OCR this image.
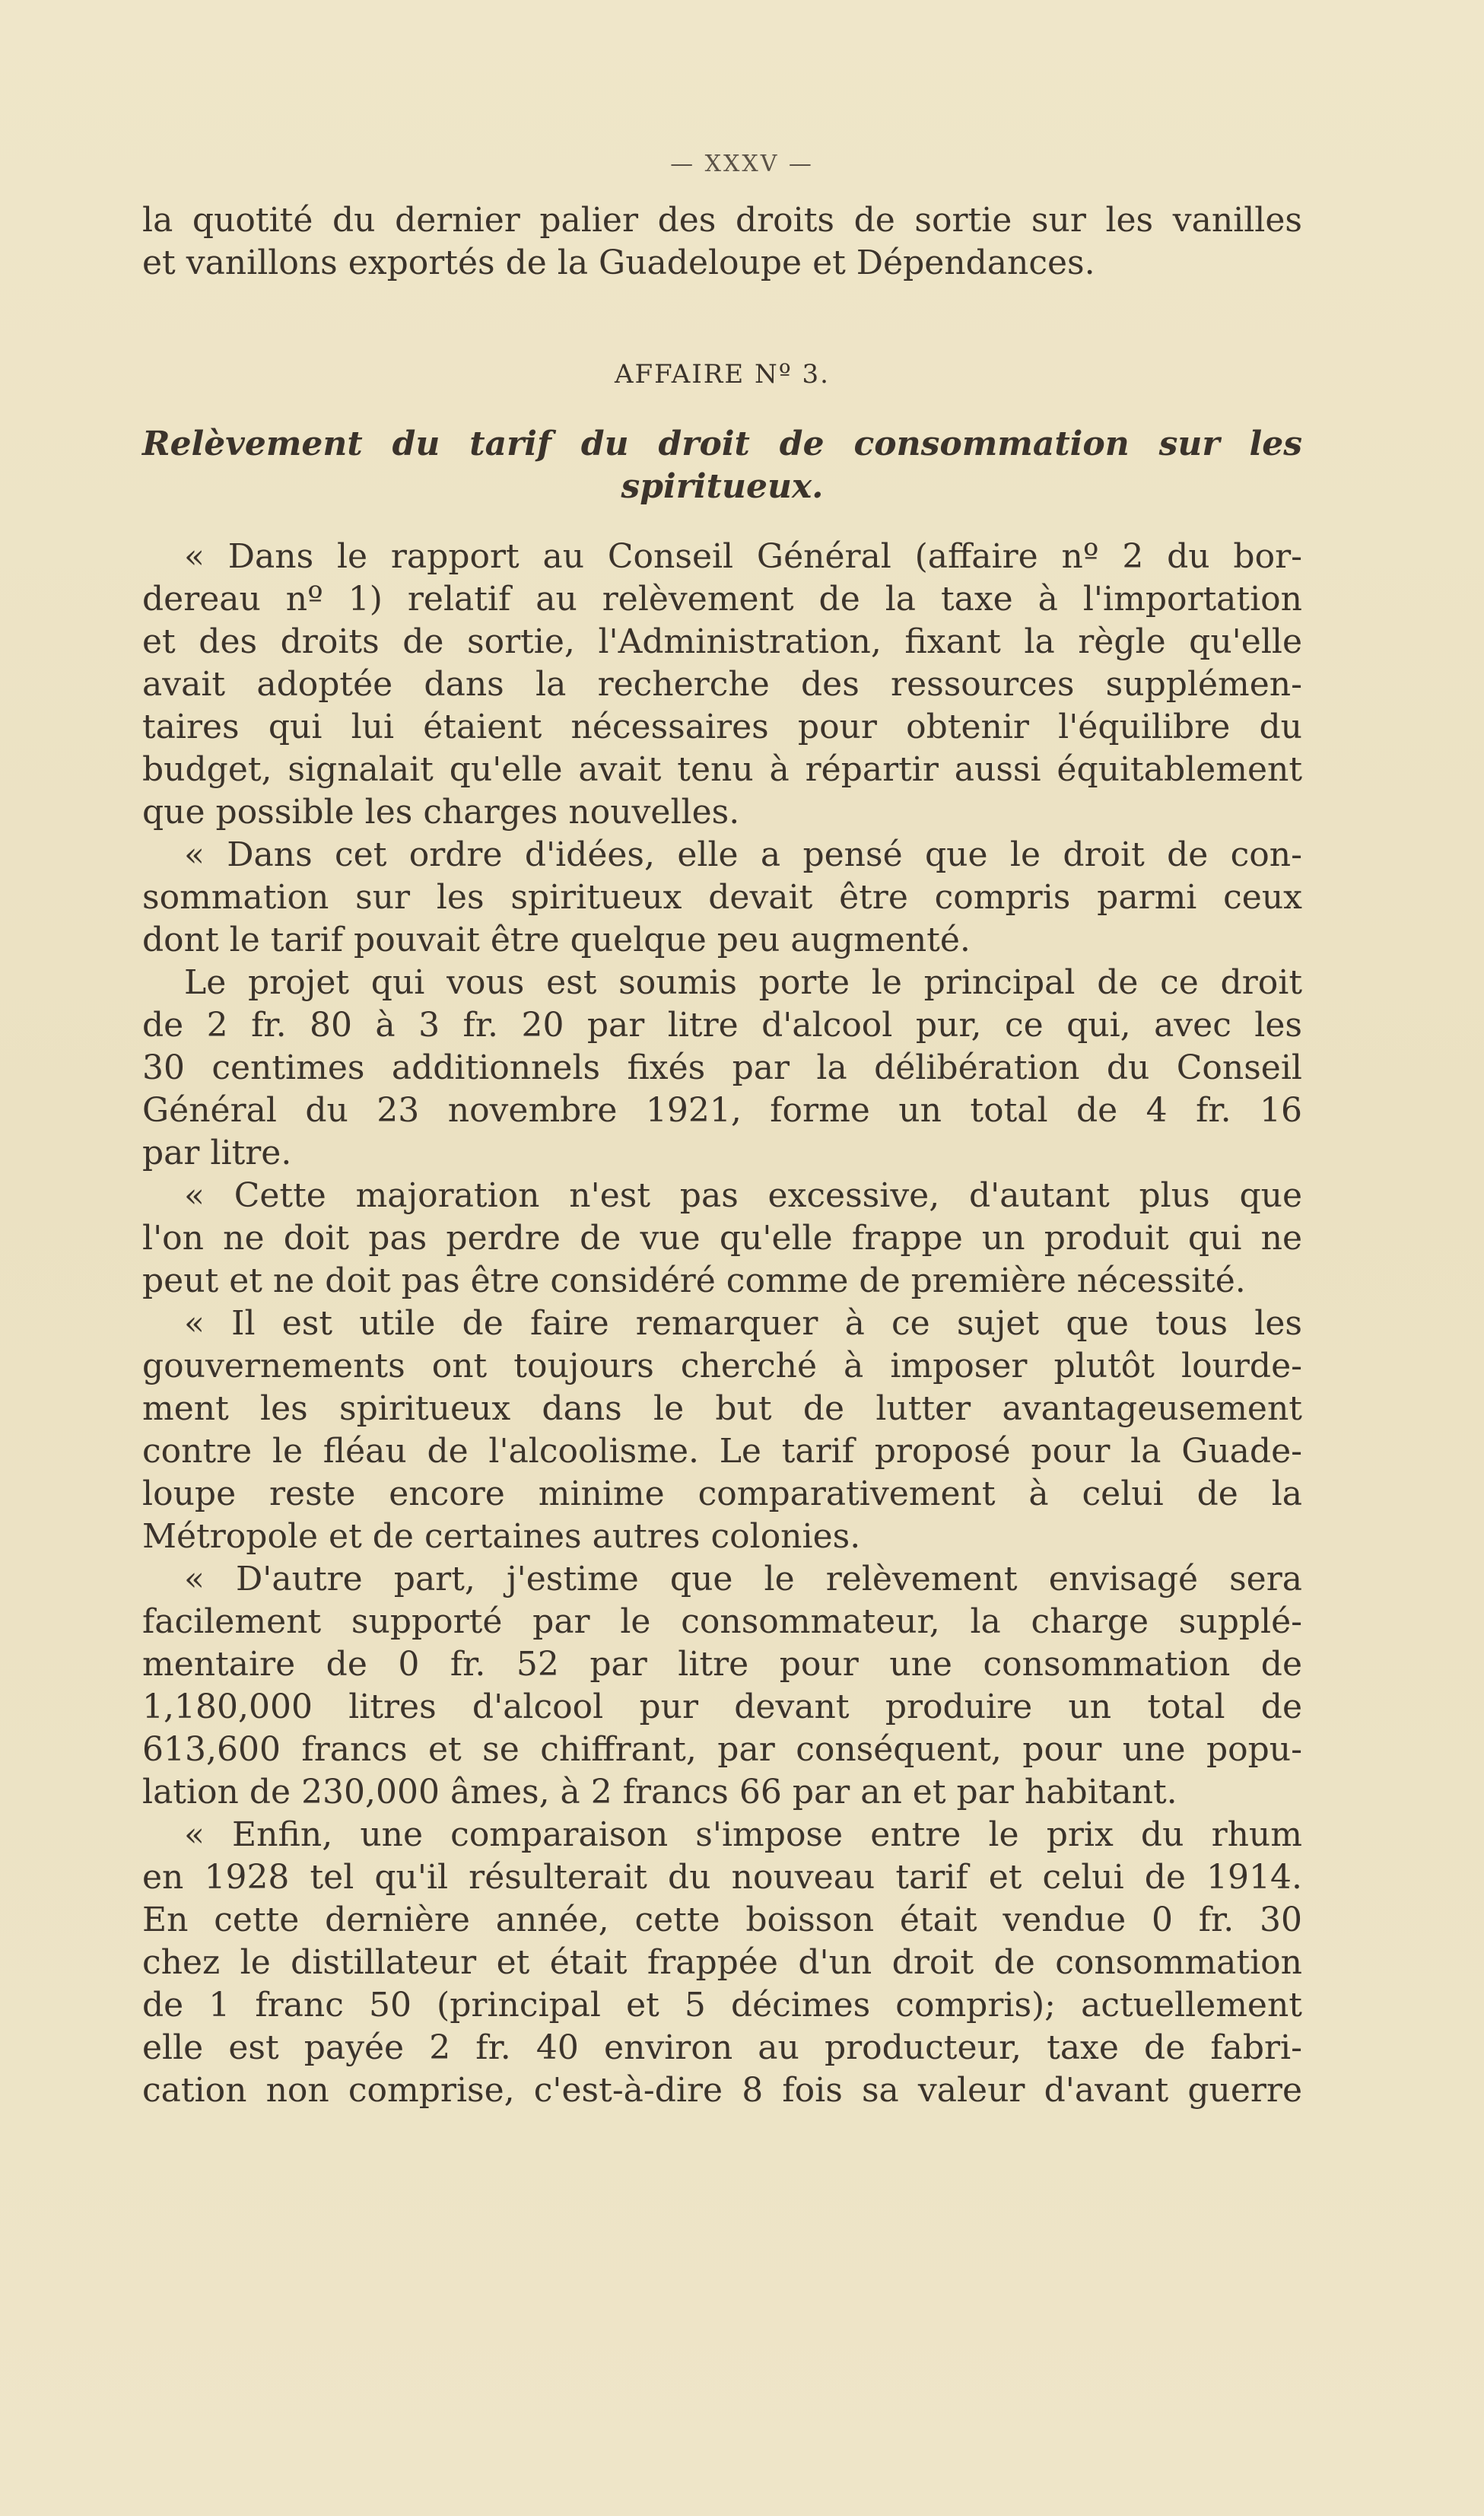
— XXXV —
la quotité du dernier palier des droits de sortie sur les vanilles
et vanillons exportés de la Guadeloupe et Dépendances.
AFFAIRE Nº 3.
Relèvement du tarif du droit de consommation sur les
spiritueux.
« Dans le rapport au Conseil Général (affaire nº 2 du bor-
dereau nº 1) relatif au relèvement de la taxe à l'importation
et des droits de sortie, l'Administration, fixant la règle qu'elle
avait adoptée dans la recherche des ressources supplémen-
taires qui lui étaient nécessaires pour obtenir l'équilibre du
budget, signalait qu'elle avait tenu à répartir aussi équitablement
que possible les charges nouvelles.
« Dans cet ordre d'idées, elle a pensé que le droit de con-
sommation sur les spiritueux devait être compris parmi ceux
dont le tarif pouvait être quelque peu augmenté.
Le projet qui vous est soumis porte le principal de ce droit
de 2 fr. 80 à 3 fr. 20 par litre d'alcool pur, ce qui, avec les
30 centimes additionnels fixés par la délibération du Conseil
Général du 23 novembre 1921, forme un total de 4 fr. 16
par litre.
« Cette majoration n'est pas excessive, d'autant plus que
l'on ne doit pas perdre de vue qu'elle frappe un produit qui ne
peut et ne doit pas être considéré comme de première nécessité.
« Il est utile de faire remarquer à ce sujet que tous les
gouvernements ont toujours cherché à imposer plutôt lourde-
ment les spiritueux dans le but de lutter avantageusement
contre le fléau de l'alcoolisme. Le tarif proposé pour la Guade-
loupe reste encore minime comparativement à celui de la
Métropole et de certaines autres colonies.
« D'autre part, j'estime que le relèvement envisagé sera
facilement supporté par le consommateur, la charge supplé-
mentaire de 0 fr. 52 par litre pour une consommation de
1,180,000 litres d'alcool pur devant produire un total de
613,600 francs et se chiffrant, par conséquent, pour une popu-
lation de 230,000 âmes, à 2 francs 66 par an et par habitant.
« Enfin, une comparaison s'impose entre le prix du rhum
en 1928 tel qu'il résulterait du nouveau tarif et celui de 1914.
En cette dernière année, cette boisson était vendue 0 fr. 30
chez le distillateur et était frappée d'un droit de consommation
de 1 franc 50 (principal et 5 décimes compris); actuellement
elle est payée 2 fr. 40 environ au producteur, taxe de fabri-
cation non comprise, c'est-à-dire 8 fois sa valeur d'avant guerre
